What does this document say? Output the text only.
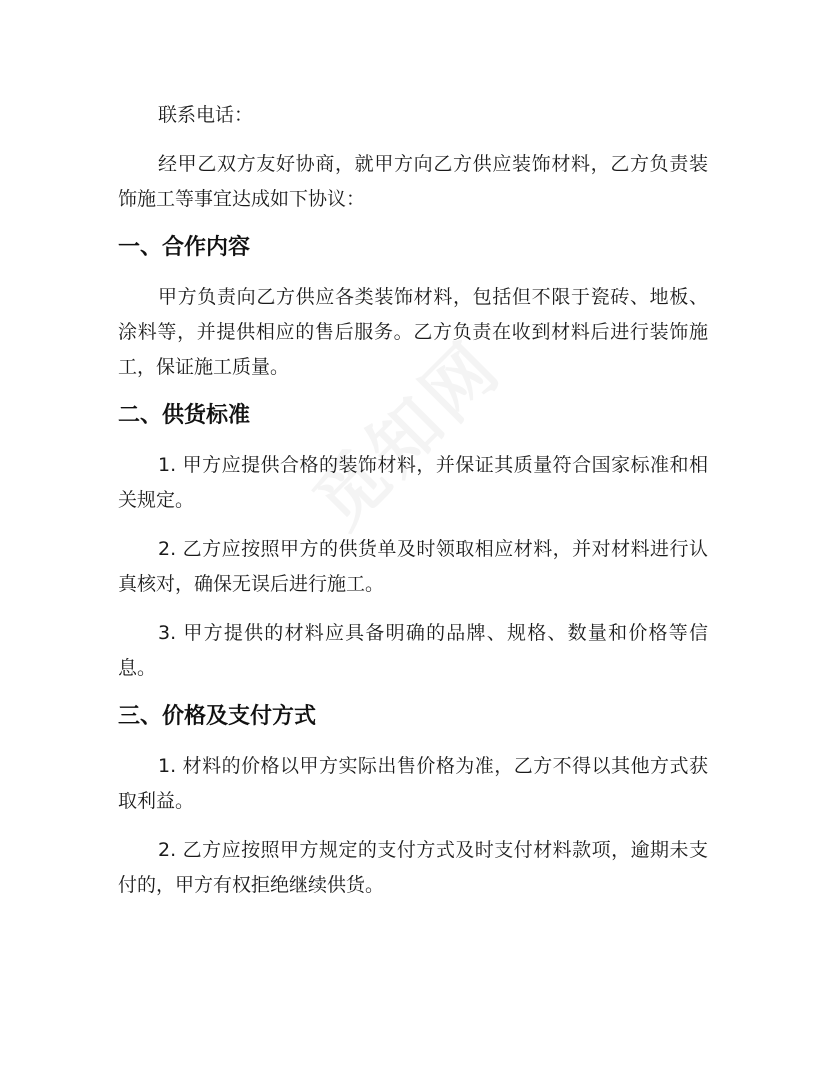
联系电话：

经甲乙双方友好协商，就甲方向乙方供应装饰材料，乙方负责装饰施工等事宜达成如下协议：

一、合作内容

甲方负责向乙方供应各类装饰材料，包括但不限于瓷砖、地板、涂料等，并提供相应的售后服务。乙方负责在收到材料后进行装饰施工，保证施工质量。

二、供货标准

1. 甲方应提供合格的装饰材料，并保证其质量符合国家标准和相关规定。

2. 乙方应按照甲方的供货单及时领取相应材料，并对材料进行认真核对，确保无误后进行施工。

3. 甲方提供的材料应具备明确的品牌、规格、数量和价格等信息。

三、价格及支付方式

1. 材料的价格以甲方实际出售价格为准，乙方不得以其他方式获取利益。

2. 乙方应按照甲方规定的支付方式及时支付材料款项，逾期未支付的，甲方有权拒绝继续供货。
